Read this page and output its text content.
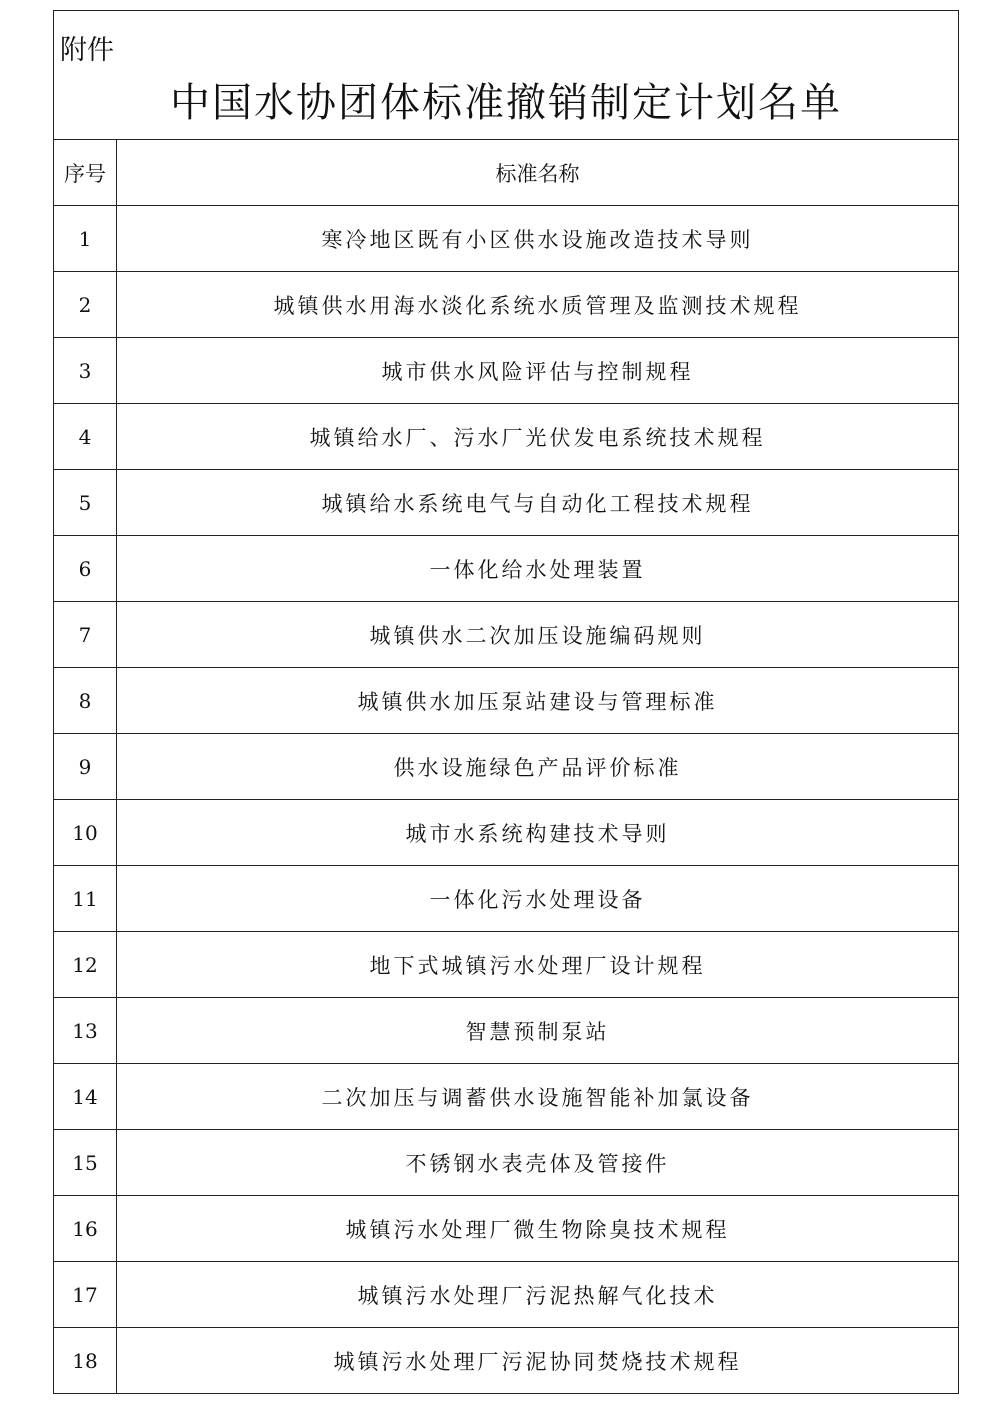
附件
中国水协团体标准撤销制定计划名单	

序号	标准名称
1	寒冷地区既有小区供水设施改造技术导则
2	城镇供水用海水淡化系统水质管理及监测技术规程
3	城市供水风险评估与控制规程
4	城镇给水厂、污水厂光伏发电系统技术规程
5	城镇给水系统电气与自动化工程技术规程
6	一体化给水处理装置
7	城镇供水二次加压设施编码规则
8	城镇供水加压泵站建设与管理标准
9	供水设施绿色产品评价标准
10	城市水系统构建技术导则
11	一体化污水处理设备
12	地下式城镇污水处理厂设计规程
13	智慧预制泵站
14	二次加压与调蓄供水设施智能补加氯设备
15	不锈钢水表壳体及管接件
16	城镇污水处理厂微生物除臭技术规程
17	城镇污水处理厂污泥热解气化技术
18	城镇污水处理厂污泥协同焚烧技术规程
